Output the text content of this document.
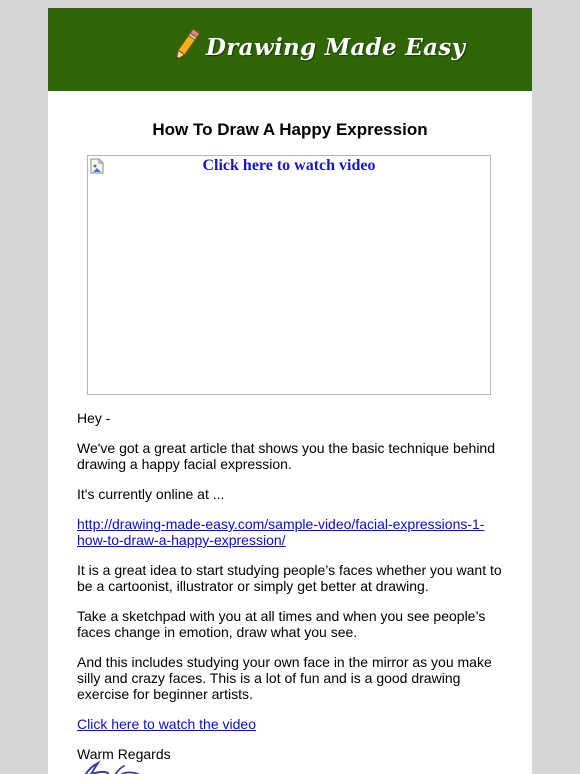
Drawing Made Easy
How To Draw A Happy Expression
Click here to watch video

Hey -

We've got a great article that shows you the basic technique behind drawing a happy facial expression.

It's currently online at ...

http://drawing-made-easy.com/sample-video/facial-expressions-1-how-to-draw-a-happy-expression/

It is a great idea to start studying people’s faces whether you want to be a cartoonist, illustrator or simply get better at drawing.

Take a sketchpad with you at all times and when you see people’s faces change in emotion, draw what you see.

And this includes studying your own face in the mirror as you make silly and crazy faces. This is a lot of fun and is a good drawing exercise for beginner artists.

Click here to watch the video

Warm Regards
